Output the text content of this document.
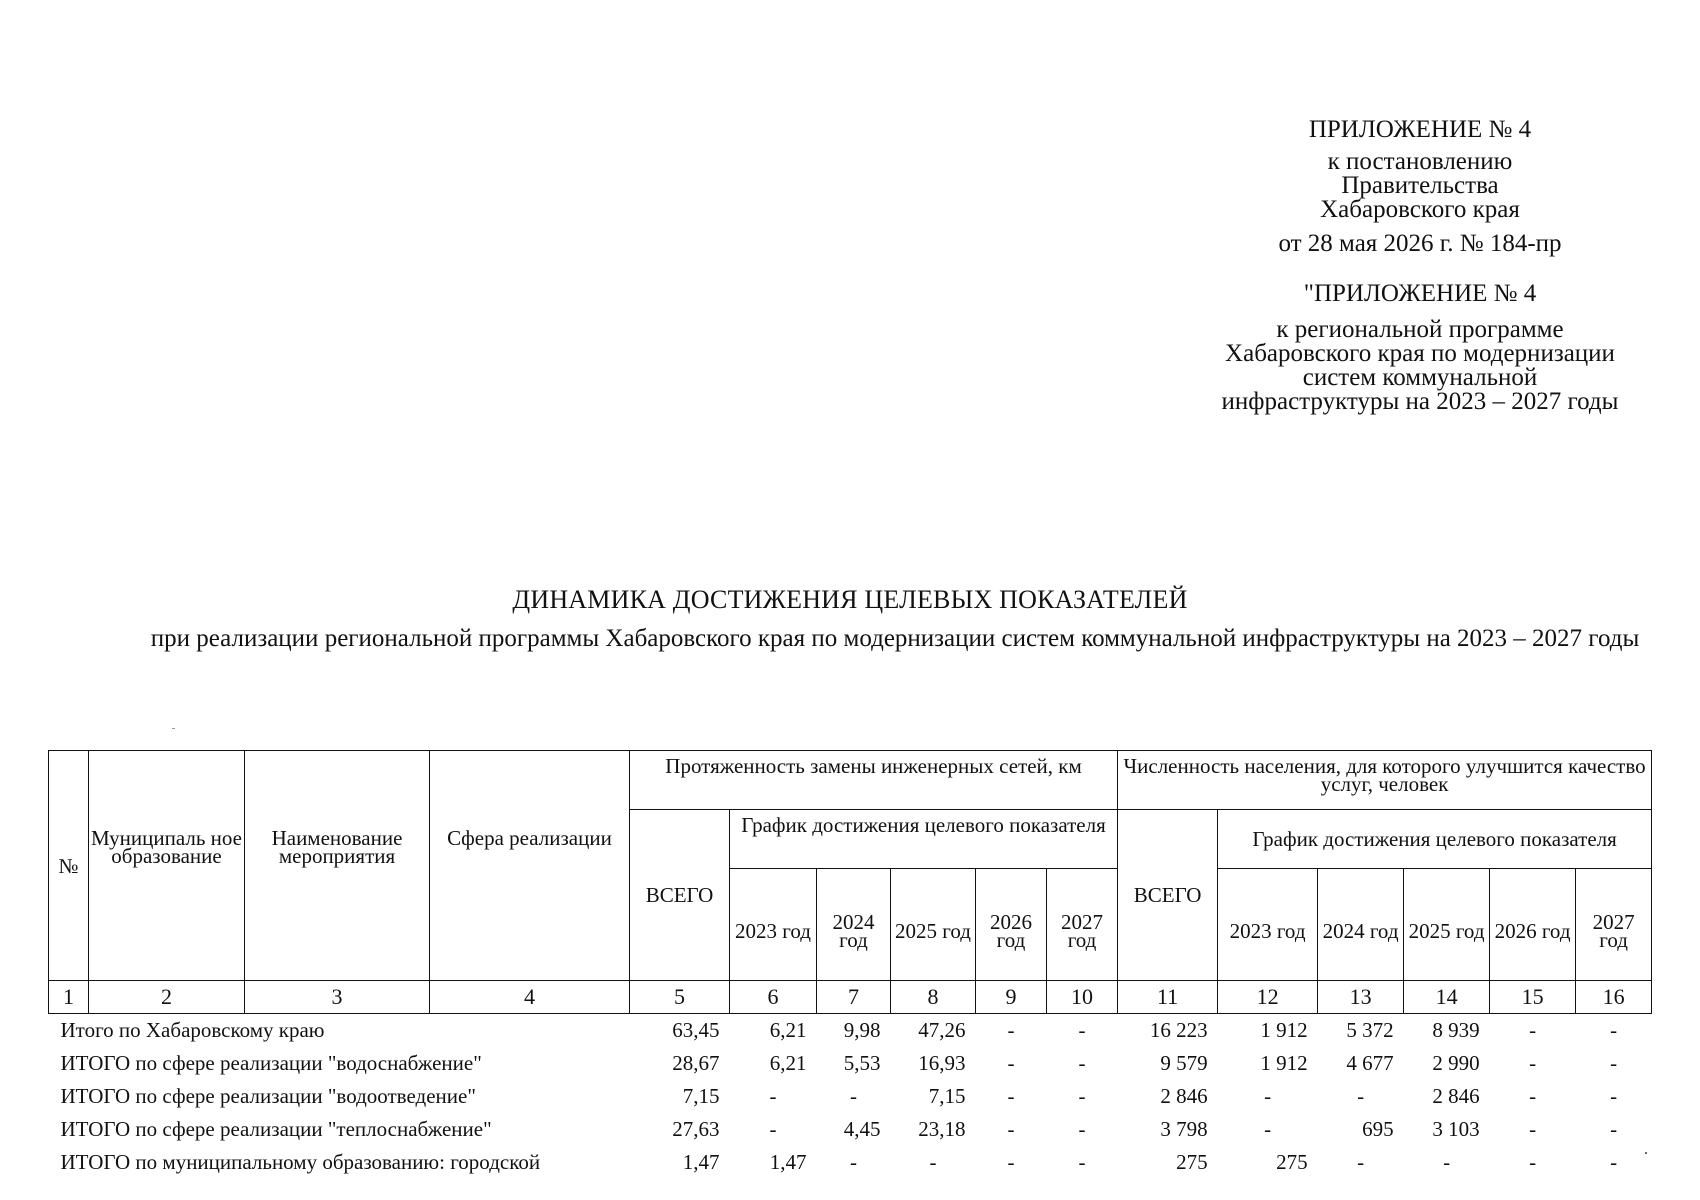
ПРИЛОЖЕНИЕ № 4
к постановлению
Правительства
Хабаровского края
от 28 мая 2026 г. № 184-пр
"ПРИЛОЖЕНИЕ № 4
к региональной программе
Хабаровского края по модернизации
систем коммунальной
инфраструктуры на 2023 – 2027 годы
ДИНАМИКА ДОСТИЖЕНИЯ ЦЕЛЕВЫХ ПОКАЗАТЕЛЕЙ
при реализации региональной программы Хабаровского края по модернизации систем коммунальной инфраструктуры на 2023 – 2027 годы
№	Муниципаль ное образование	Наименование мероприятия	Сфера реализации	Протяженность замены инженерных сетей, км						Численность населения, для которого улучшится качество услуг, человек					
				ВСЕГО	График достижения целевого показателя					ВСЕГО	График достижения целевого показателя				
					2023 год	2024 год	2025 год	2026 год	2027 год		2023 год	2024 год	2025 год	2026 год	2027 год
1	2	3	4	5	6	7	8	9	10	11	12	13	14	15	16
Итого по Хабаровскому краю				63,45	6,21	9,98	47,26	-	-	16 223	1 912	5 372	8 939	-	-
ИТОГО по сфере реализации "водоснабжение"				28,67	6,21	5,53	16,93	-	-	9 579	1 912	4 677	2 990	-	-
ИТОГО по сфере реализации "водоотведение"				7,15	-	-	7,15	-	-	2 846	-	-	2 846	-	-
ИТОГО по сфере реализации "теплоснабжение"				27,63	-	4,45	23,18	-	-	3 798	-	695	3 103	-	-
ИТОГО по муниципальному образованию: городской				1,47	1,47	-	-	-	-	275	275	-	-	-	-
